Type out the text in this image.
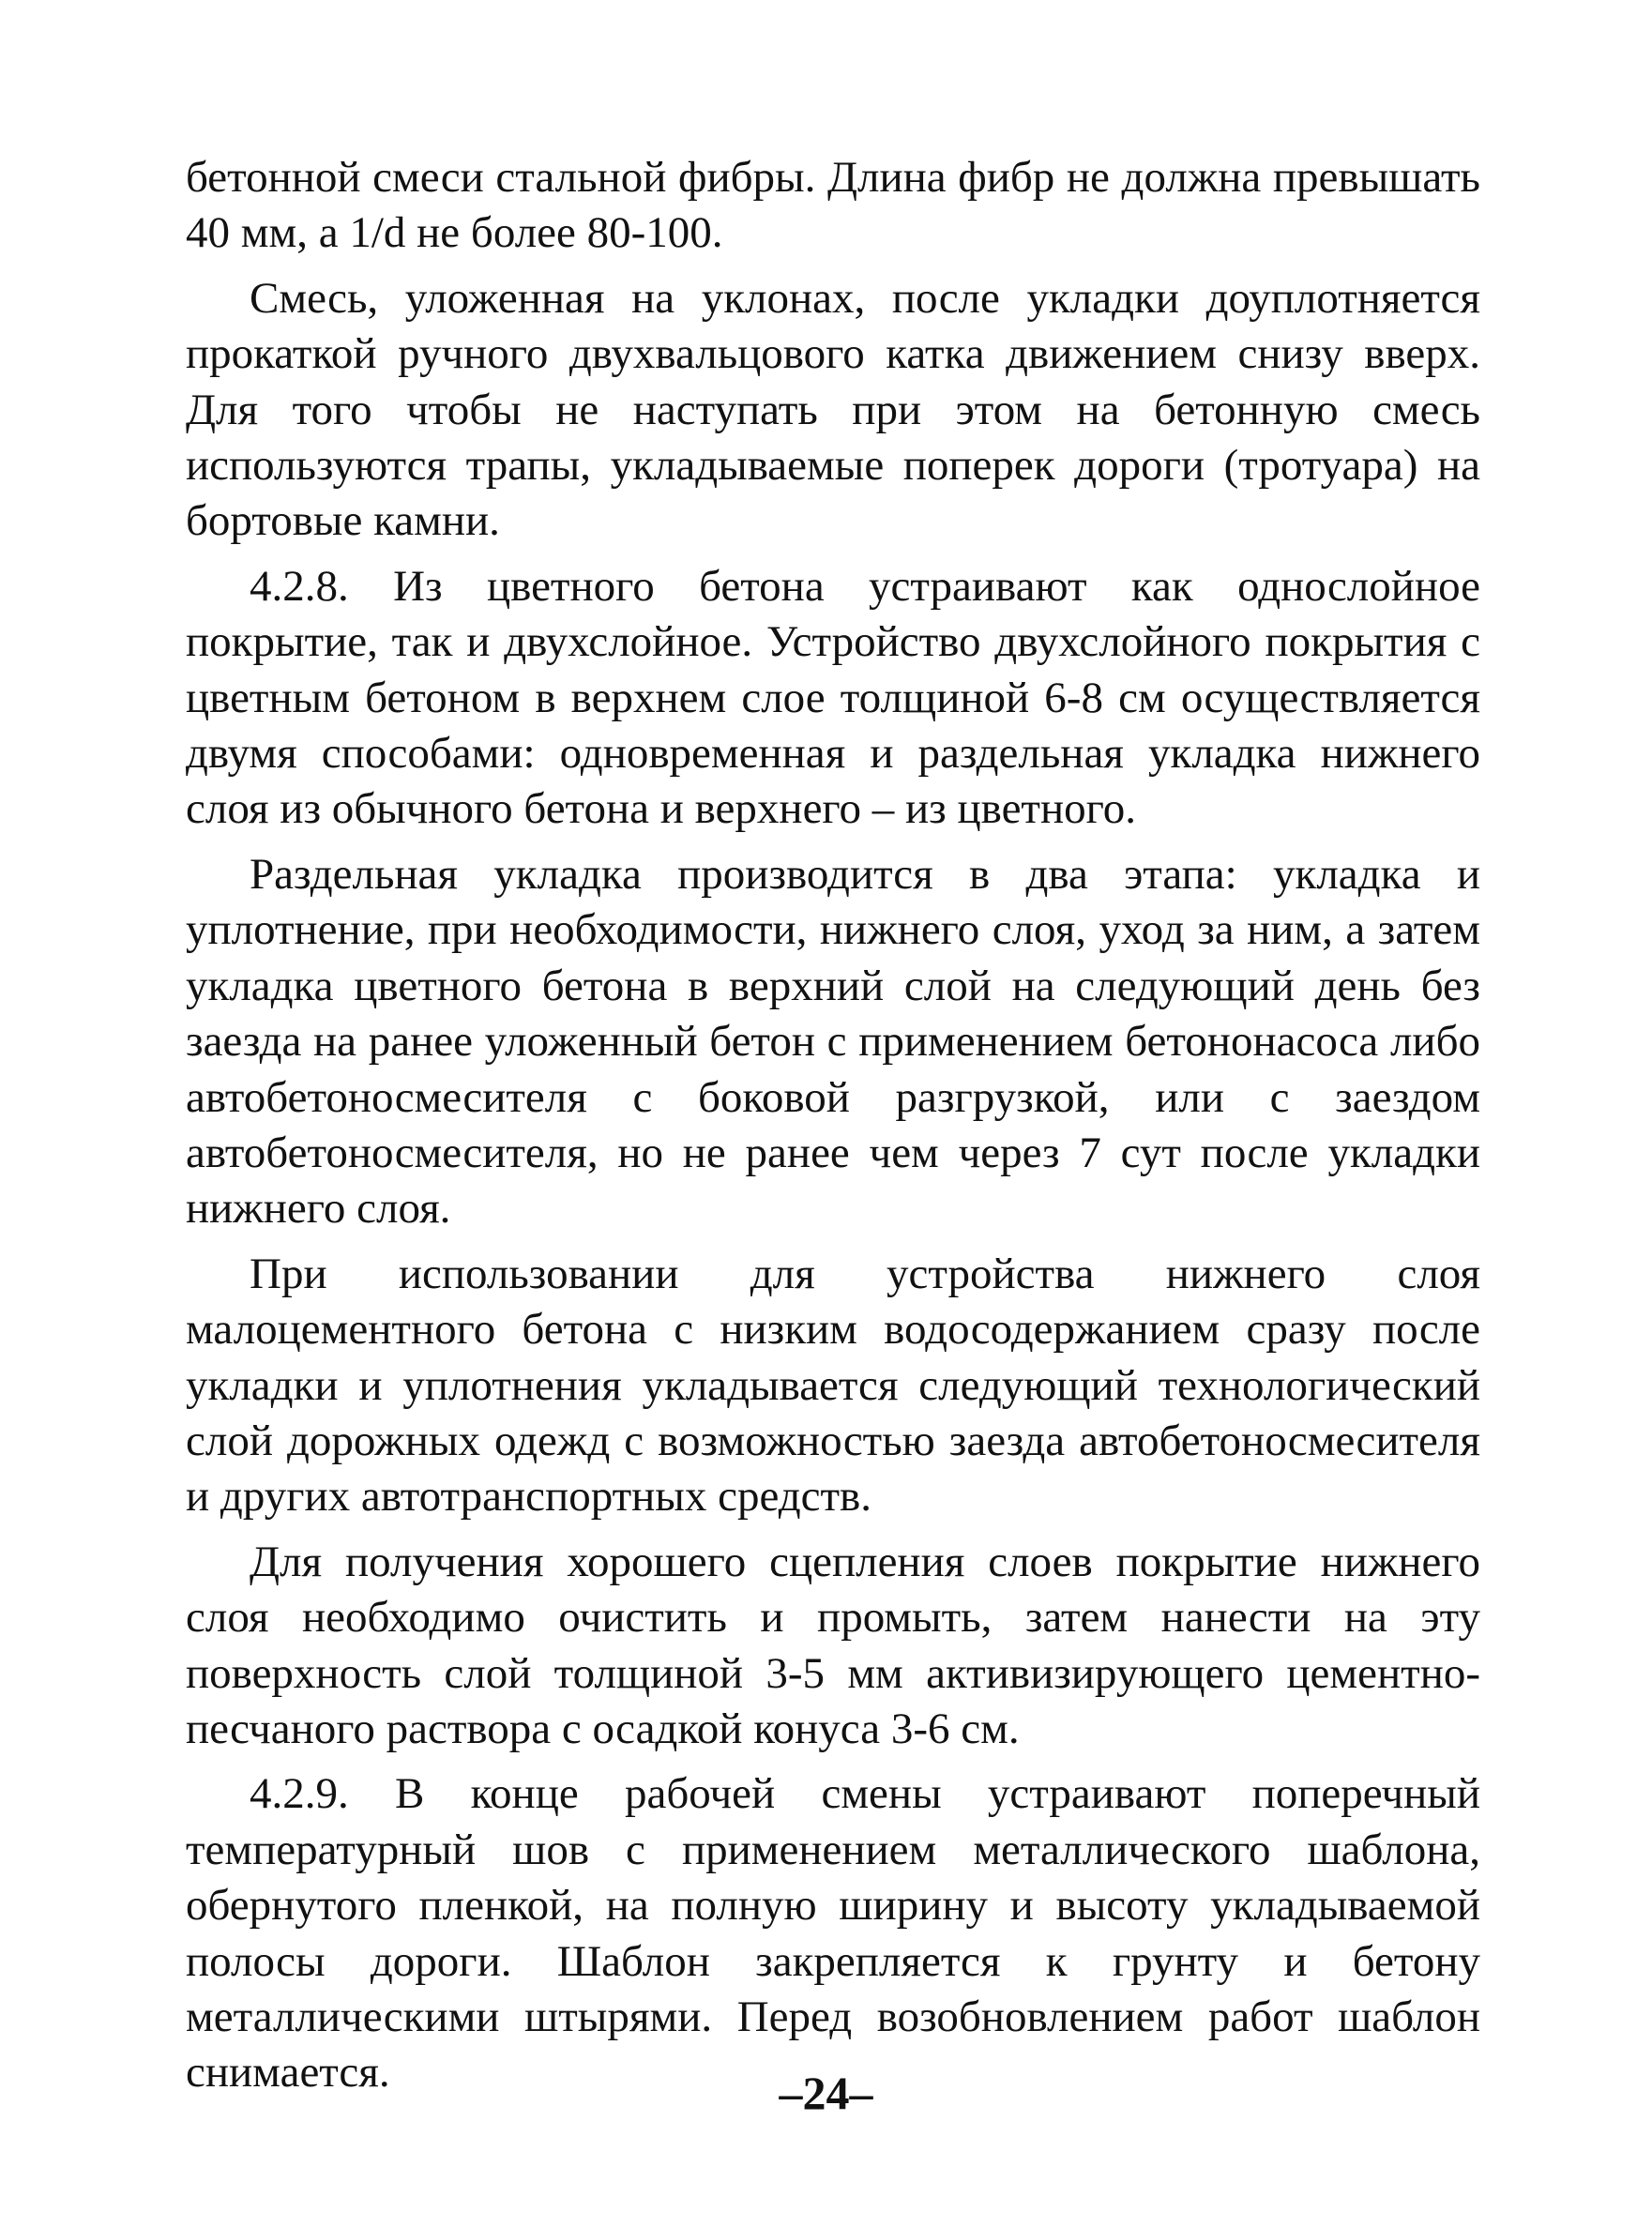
бетонной смеси стальной фибры. Длина фибр не должна превышать 40 мм, а 1/d не более 80-100.

Смесь, уложенная на уклонах, после укладки доуплотняется прокаткой ручного двухвальцового катка движением снизу вверх. Для того чтобы не наступать при этом на бетонную смесь используются трапы, укладываемые поперек дороги (тротуара) на бортовые камни.

4.2.8. Из цветного бетона устраивают как однослойное покрытие, так и двухслойное. Устройство двухслойного покрытия с цветным бетоном в верхнем слое толщиной 6-8 см осуществляется двумя способами: одновременная и раздельная укладка нижнего слоя из обычного бетона и верхнего – из цветного.

Раздельная укладка производится в два этапа: укладка и уплотнение, при необходимости, нижнего слоя, уход за ним, а затем укладка цветного бетона в верхний слой на следующий день без заезда на ранее уложенный бетон с применением бетононасоса либо автобетоносмесителя с боковой разгрузкой, или с заездом автобетоносмесителя, но не ранее чем через 7 сут после укладки нижнего слоя.

При использовании для устройства нижнего слоя малоцементного бетона с низким водосодержанием сразу после укладки и уплотнения укладывается следующий технологический слой дорожных одежд с возможностью заезда автобетоносмесителя и других автотранспортных средств.

Для получения хорошего сцепления слоев покрытие нижнего слоя необходимо очистить и промыть, затем нанести на эту поверхность слой толщиной 3-5 мм активизирующего цементно-песчаного раствора с осадкой конуса 3-6 см.

4.2.9. В конце рабочей смены устраивают поперечный температурный шов с применением металлического шаблона, обернутого пленкой, на полную ширину и высоту укладываемой полосы дороги. Шаблон закрепляется к грунту и бетону металлическими штырями. Перед возобновлением работ шаблон снимается.	–24–
